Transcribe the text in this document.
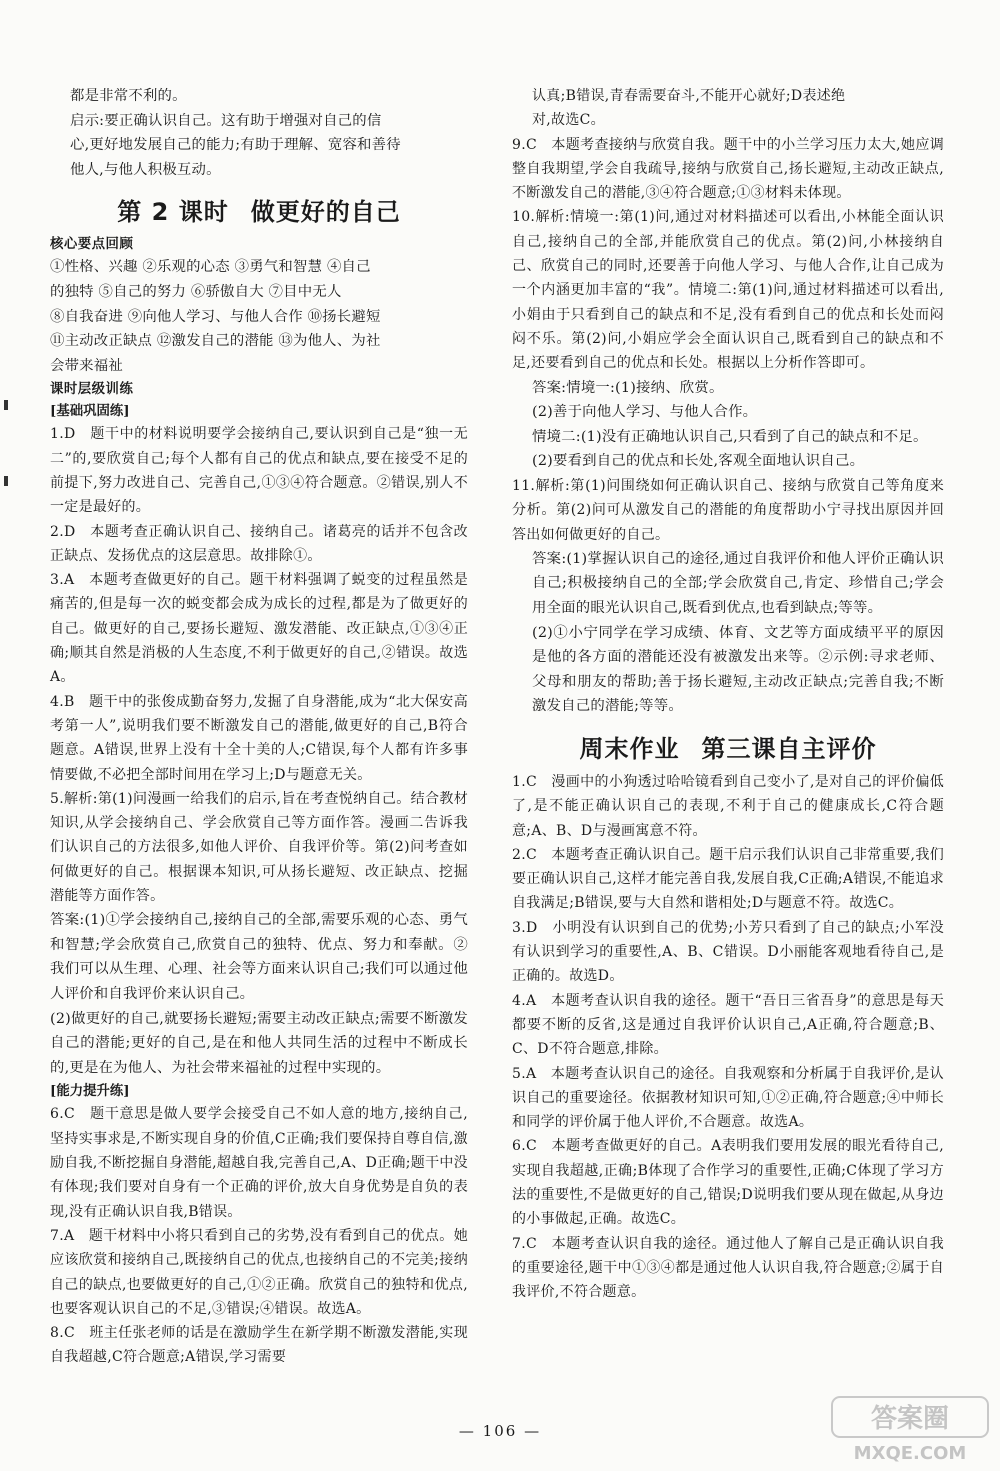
都是非常不利的。

启示:要正确认识自己。这有助于增强对自己的信

心,更好地发展自己的能力;有助于理解、宽容和善待

他人,与他人积极互动。

第 2 课时 做更好的自己

核心要点回顾

①性格、兴趣 ②乐观的心态 ③勇气和智慧 ④自己

的独特 ⑤自己的努力 ⑥骄傲自大 ⑦目中无人

⑧自我奋进 ⑨向他人学习、与他人合作 ⑩扬长避短

⑪主动改正缺点 ⑫激发自己的潜能 ⑬为他人、为社

会带来福祉

课时层级训练

[基础巩固练]

1.D　题干中的材料说明要学会接纳自己,要认识到自己是“独一无二”的,要欣赏自己;每个人都有自己的优点和缺点,要在接受不足的前提下,努力改进自己、完善自己,①③④符合题意。②错误,别人不一定是最好的。

2.D　本题考查正确认识自己、接纳自己。诸葛亮的话并不包含改正缺点、发扬优点的这层意思。故排除①。

3.A　本题考查做更好的自己。题干材料强调了蜕变的过程虽然是痛苦的,但是每一次的蜕变都会成为成长的过程,都是为了做更好的自己。做更好的自己,要扬长避短、激发潜能、改正缺点,①③④正确;顺其自然是消极的人生态度,不利于做更好的自己,②错误。故选A。

4.B　题干中的张俊成勤奋努力,发掘了自身潜能,成为“北大保安高考第一人”,说明我们要不断激发自己的潜能,做更好的自己,B符合题意。A错误,世界上没有十全十美的人;C错误,每个人都有许多事情要做,不必把全部时间用在学习上;D与题意无关。

5.解析:第(1)问漫画一给我们的启示,旨在考查悦纳自己。结合教材知识,从学会接纳自己、学会欣赏自己等方面作答。漫画二告诉我们认识自己的方法很多,如他人评价、自我评价等。第(2)问考查如何做更好的自己。根据课本知识,可从扬长避短、改正缺点、挖掘潜能等方面作答。

答案:(1)①学会接纳自己,接纳自己的全部,需要乐观的心态、勇气和智慧;学会欣赏自己,欣赏自己的独特、优点、努力和奉献。②我们可以从生理、心理、社会等方面来认识自己;我们可以通过他人评价和自我评价来认识自己。

(2)做更好的自己,就要扬长避短;需要主动改正缺点;需要不断激发自己的潜能;更好的自己,是在和他人共同生活的过程中不断成长的,更是在为他人、为社会带来福祉的过程中实现的。

[能力提升练]

6.C　题干意思是做人要学会接受自己不如人意的地方,接纳自己,坚持实事求是,不断实现自身的价值,C正确;我们要保持自尊自信,激励自我,不断挖掘自身潜能,超越自我,完善自己,A、D正确;题干中没有体现;我们要对自身有一个正确的评价,放大自身优势是自负的表现,没有正确认识自我,B错误。

7.A　题干材料中小将只看到自己的劣势,没有看到自己的优点。她应该欣赏和接纳自己,既接纳自己的优点,也接纳自己的不完美;接纳自己的缺点,也要做更好的自己,①②正确。欣赏自己的独特和优点,也要客观认识自己的不足,③错误;④错误。故选A。

8.C　班主任张老师的话是在激励学生在新学期不断激发潜能,实现自我超越,C符合题意;A错误,学习需要

认真;B错误,青春需要奋斗,不能开心就好;D表述绝

对,故选C。

9.C　本题考查接纳与欣赏自我。题干中的小兰学习压力太大,她应调整自我期望,学会自我疏导,接纳与欣赏自己,扬长避短,主动改正缺点,不断激发自己的潜能,③④符合题意;①③材料未体现。

10.解析:情境一:第(1)问,通过对材料描述可以看出,小林能全面认识自己,接纳自己的全部,并能欣赏自己的优点。第(2)问,小林接纳自己、欣赏自己的同时,还要善于向他人学习、与他人合作,让自己成为一个内涵更加丰富的“我”。情境二:第(1)问,通过材料描述可以看出,小娟由于只看到自己的缺点和不足,没有看到自己的优点和长处而闷闷不乐。第(2)问,小娟应学会全面认识自己,既看到自己的缺点和不足,还要看到自己的优点和长处。根据以上分析作答即可。

答案:情境一:(1)接纳、欣赏。

(2)善于向他人学习、与他人合作。

情境二:(1)没有正确地认识自己,只看到了自己的缺点和不足。

(2)要看到自己的优点和长处,客观全面地认识自己。

11.解析:第(1)问围绕如何正确认识自己、接纳与欣赏自己等角度来分析。第(2)问可从激发自己的潜能的角度帮助小宁寻找出原因并回答出如何做更好的自己。

答案:(1)掌握认识自己的途径,通过自我评价和他人评价正确认识自己;积极接纳自己的全部;学会欣赏自己,肯定、珍惜自己;学会用全面的眼光认识自己,既看到优点,也看到缺点;等等。

(2)①小宁同学在学习成绩、体育、文艺等方面成绩平平的原因是他的各方面的潜能还没有被激发出来等。②示例:寻求老师、父母和朋友的帮助;善于扬长避短,主动改正缺点;完善自我;不断激发自己的潜能;等等。

周末作业 第三课自主评价

1.C　漫画中的小狗透过哈哈镜看到自己变小了,是对自己的评价偏低了,是不能正确认识自己的表现,不利于自己的健康成长,C符合题意;A、B、D与漫画寓意不符。

2.C　本题考查正确认识自己。题干启示我们认识自己非常重要,我们要正确认识自己,这样才能完善自我,发展自我,C正确;A错误,不能追求自我满足;B错误,要与大自然和谐相处;D与题意不符。故选C。

3.D　小明没有认识到自己的优势;小芳只看到了自己的缺点;小军没有认识到学习的重要性,A、B、C错误。D小丽能客观地看待自己,是正确的。故选D。

4.A　本题考查认识自我的途径。题干“吾日三省吾身”的意思是每天都要不断的反省,这是通过自我评价认识自己,A正确,符合题意;B、C、D不符合题意,排除。

5.A　本题考查认识自己的途径。自我观察和分析属于自我评价,是认识自己的重要途径。依据教材知识可知,①②正确,符合题意;④中师长和同学的评价属于他人评价,不合题意。故选A。

6.C　本题考查做更好的自己。A表明我们要用发展的眼光看待自己,实现自我超越,正确;B体现了合作学习的重要性,正确;C体现了学习方法的重要性,不是做更好的自己,错误;D说明我们要从现在做起,从身边的小事做起,正确。故选C。

7.C　本题考查认识自我的途径。通过他人了解自己是正确认识自我的重要途径,题干中①③④都是通过他人认识自我,符合题意;②属于自我评价,不符合题意。

— 106 —	答案圈
MXQE.COM
